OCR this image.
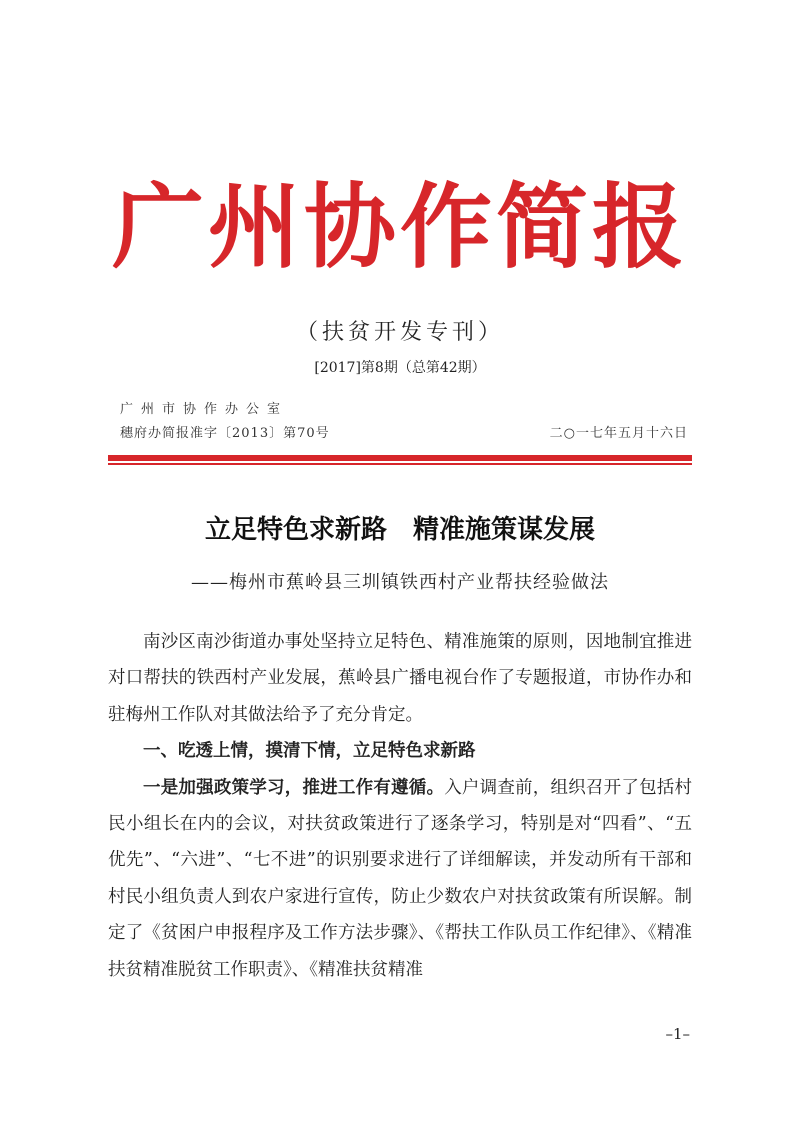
广州协作简报
（扶贫开发专刊）
[2017]第8期（总第42期）
广州市协作办公室
穗府办简报准字〔2013〕第70号	二○一七年五月十六日
立足特色求新路 精准施策谋发展
——梅州市蕉岭县三圳镇铁西村产业帮扶经验做法

南沙区南沙街道办事处坚持立足特色、精准施策的原则，因地制宜推进对口帮扶的铁西村产业发展，蕉岭县广播电视台作了专题报道，市协作办和驻梅州工作队对其做法给予了充分肯定。

一、吃透上情，摸清下情，立足特色求新路

一是加强政策学习，推进工作有遵循。入户调查前，组织召开了包括村民小组长在内的会议，对扶贫政策进行了逐条学习，特别是对“四看”、“五优先”、“六进”、“七不进”的识别要求进行了详细解读，并发动所有干部和村民小组负责人到农户家进行宣传，防止少数农户对扶贫政策有所误解。制定了《贫困户申报程序及工作方法步骤》、《帮扶工作队员工作纪律》、《精准扶贫精准脱贫工作职责》、《精准扶贫精准

–1–
